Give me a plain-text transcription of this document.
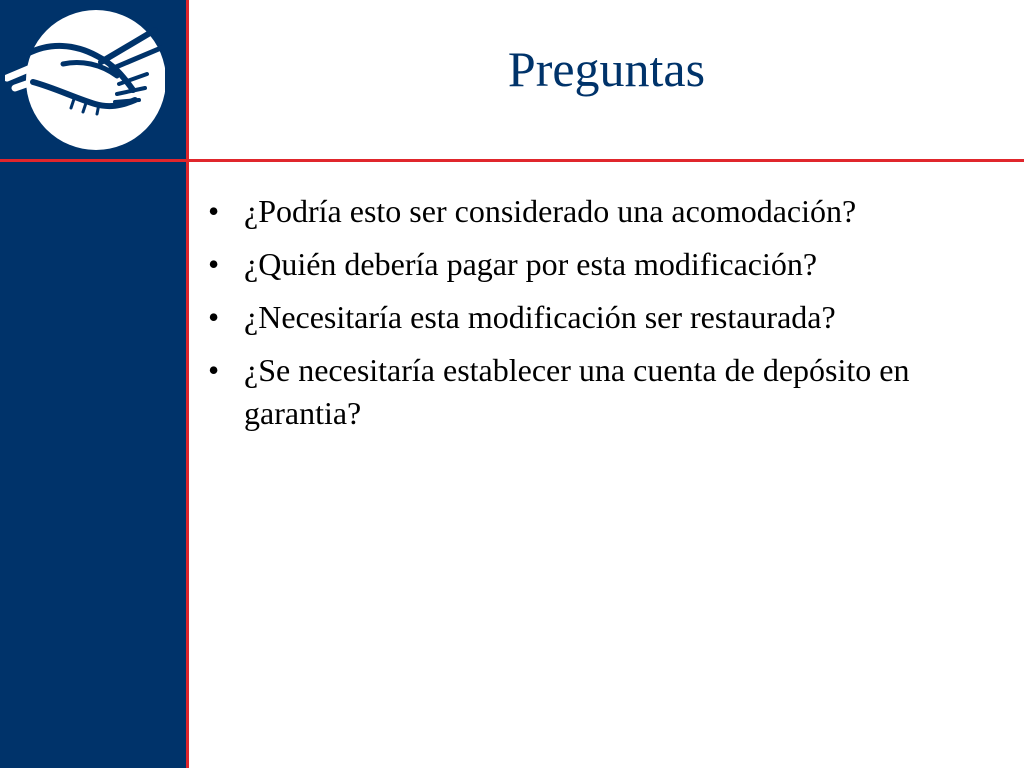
Preguntas
• ¿Podría esto ser considerado una acomodación?
• ¿Quién debería pagar por esta modificación?
• ¿Necesitaría esta modificación ser restaurada?
• ¿Se necesitaría establecer una cuenta de depósito en garantia?
